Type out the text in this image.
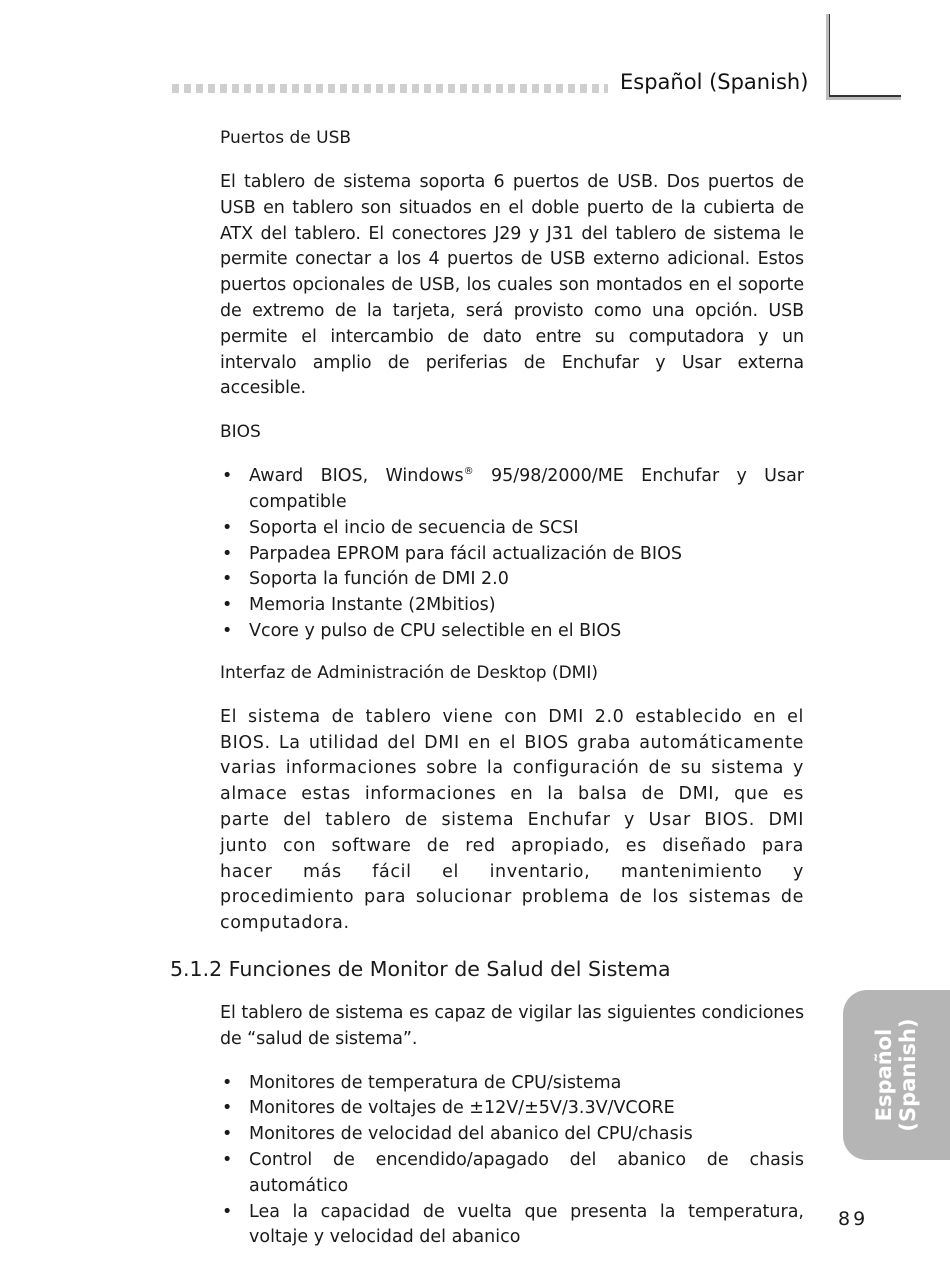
Español (Spanish)
Puertos de USB

El tablero de sistema soporta 6 puertos de USB. Dos puertos de USB en tablero son situados en el doble puerto de la cubierta de ATX del tablero. El conectores J29 y J31 del tablero de sistema le permite conectar a los 4 puertos de USB externo adicional. Estos puertos opcionales de USB, los cuales son montados en el soporte de extremo de la tarjeta, será provisto como una opción. USB permite el intercambio de dato entre su computadora y un intervalo amplio de periferias de Enchufar y Usar externa accesible.

BIOS
• Award BIOS, Windows® 95/98/2000/ME Enchufar y Usar compatible
• Soporta el incio de secuencia de SCSI
• Parpadea EPROM para fácil actualización de BIOS
• Soporta la función de DMI 2.0
• Memoria Instante (2Mbitios)
• Vcore y pulso de CPU selectible en el BIOS
Interfaz de Administración de Desktop (DMI)

El sistema de tablero viene con DMI 2.0 establecido en el BIOS. La utilidad del DMI en el BIOS graba automáticamente varias informaciones sobre la configuración de su sistema y almace estas informaciones en la balsa de DMI, que es parte del tablero de sistema Enchufar y Usar BIOS. DMI junto con software de red apropiado, es diseñado para hacer más fácil el inventario, mantenimiento y procedimiento para solucionar problema de los sistemas de computadora.

5.1.2 Funciones de Monitor de Salud del Sistema

El tablero de sistema es capaz de vigilar las siguientes condiciones de “salud de sistema”.

• Monitores de temperatura de CPU/sistema
• Monitores de voltajes de ±12V/±5V/3.3V/VCORE
• Monitores de velocidad del abanico del CPU/chasis
• Control de encendido/apagado del abanico de chasis automático
• Lea la capacidad de vuelta que presenta la temperatura, voltaje y velocidad del abanico
Español (Spanish)
89
